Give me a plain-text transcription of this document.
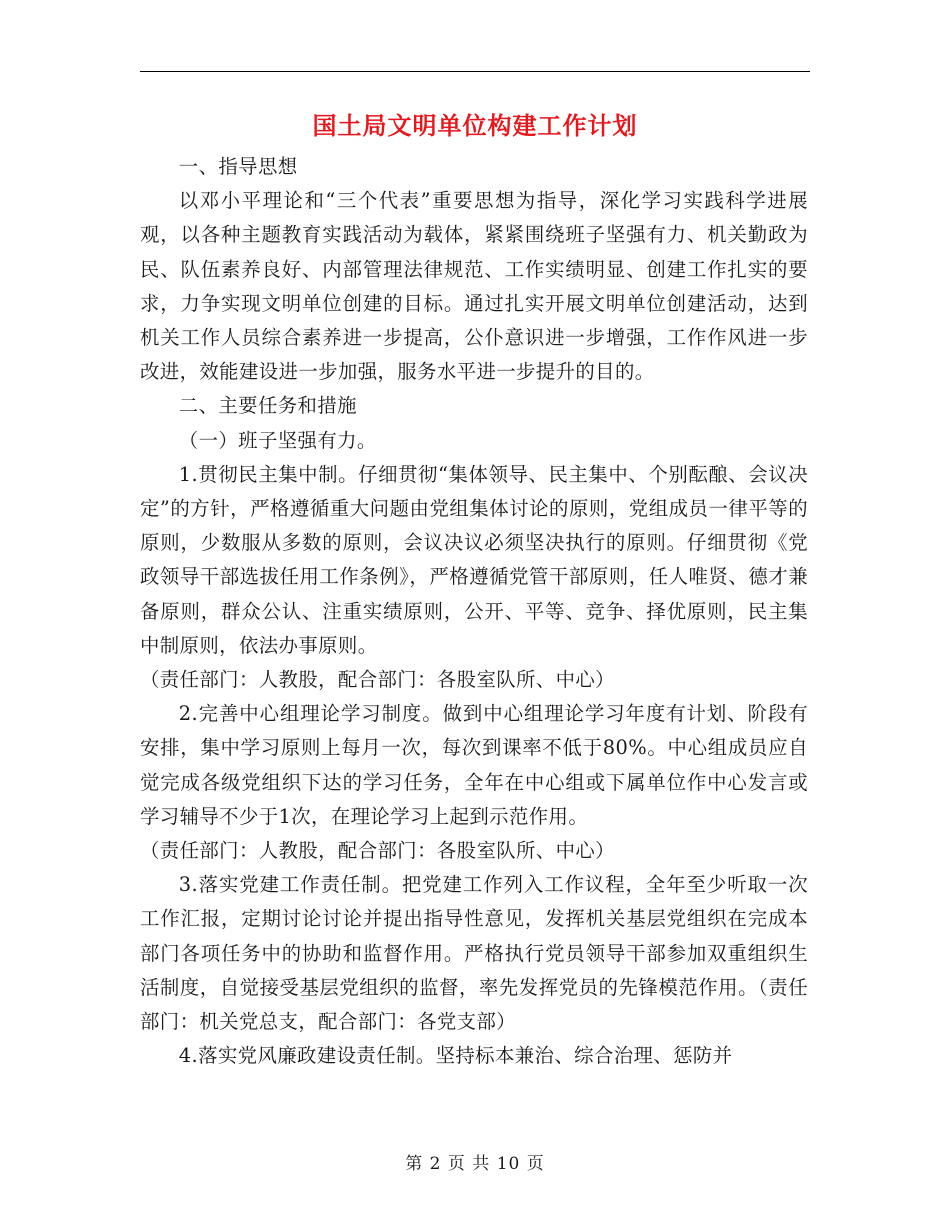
国土局文明单位构建工作计划

一、指导思想

以邓小平理论和“三个代表”重要思想为指导，深化学习实践科学进展观，以各种主题教育实践活动为载体，紧紧围绕班子坚强有力、机关勤政为民、队伍素养良好、内部管理法律规范、工作实绩明显、创建工作扎实的要求，力争实现文明单位创建的目标。通过扎实开展文明单位创建活动，达到机关工作人员综合素养进一步提高，公仆意识进一步增强，工作作风进一步改进，效能建设进一步加强，服务水平进一步提升的目的。

二、主要任务和措施

（一）班子坚强有力。

1.贯彻民主集中制。仔细贯彻“集体领导、民主集中、个别酝酿、会议决定”的方针，严格遵循重大问题由党组集体讨论的原则，党组成员一律平等的原则，少数服从多数的原则，会议决议必须坚决执行的原则。仔细贯彻《党政领导干部选拔任用工作条例》，严格遵循党管干部原则，任人唯贤、德才兼备原则，群众公认、注重实绩原则，公开、平等、竞争、择优原则，民主集中制原则，依法办事原则。

（责任部门：人教股，配合部门：各股室队所、中心）

2.完善中心组理论学习制度。做到中心组理论学习年度有计划、阶段有安排，集中学习原则上每月一次，每次到课率不低于80%。中心组成员应自觉完成各级党组织下达的学习任务，全年在中心组或下属单位作中心发言或学习辅导不少于1次，在理论学习上起到示范作用。

（责任部门：人教股，配合部门：各股室队所、中心）

3.落实党建工作责任制。把党建工作列入工作议程，全年至少听取一次工作汇报，定期讨论讨论并提出指导性意见，发挥机关基层党组织在完成本部门各项任务中的协助和监督作用。严格执行党员领导干部参加双重组织生活制度，自觉接受基层党组织的监督，率先发挥党员的先锋模范作用。（责任部门：机关党总支，配合部门：各党支部）

4.落实党风廉政建设责任制。坚持标本兼治、综合治理、惩防并

第 2 页 共 10 页
